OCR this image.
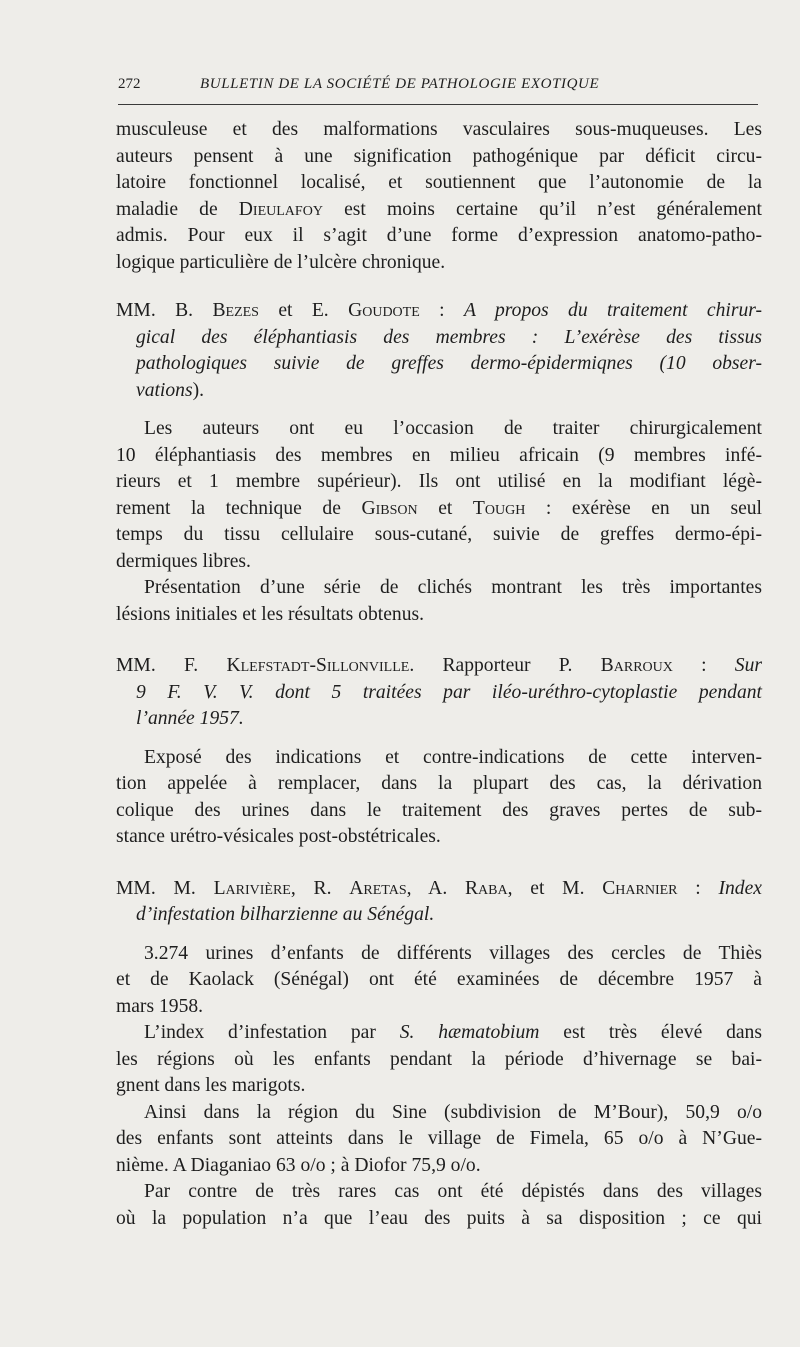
272	BULLETIN DE LA SOCIÉTÉ DE PATHOLOGIE EXOTIQUE
musculeuse et des malformations vasculaires sous-muqueuses. Les
auteurs pensent à une signification pathogénique par déficit circu-
latoire fonctionnel localisé, et soutiennent que l’autonomie de la
maladie de Dieulafoy est moins certaine qu’il n’est généralement
admis. Pour eux il s’agit d’une forme d’expression anatomo-patho-
logique particulière de l’ulcère chronique.
MM. B. Bezes et E. Goudote : A propos du traitement chirur-
gical des éléphantiasis des membres : L’exérèse des tissus
pathologiques suivie de greffes dermo-épidermiqnes (10 obser-
vations).
Les auteurs ont eu l’occasion de traiter chirurgicalement
10 éléphantiasis des membres en milieu africain (9 membres infé-
rieurs et 1 membre supérieur). Ils ont utilisé en la modifiant légè-
rement la technique de Gibson et Tough : exérèse en un seul
temps du tissu cellulaire sous-cutané, suivie de greffes dermo-épi-
dermiques libres.
Présentation d’une série de clichés montrant les très importantes
lésions initiales et les résultats obtenus.
MM. F. Klefstadt-Sillonville. Rapporteur P. Barroux : Sur
9 F. V. V. dont 5 traitées par iléo-uréthro-cytoplastie pendant
l’année 1957.
Exposé des indications et contre-indications de cette interven-
tion appelée à remplacer, dans la plupart des cas, la dérivation
colique des urines dans le traitement des graves pertes de sub-
stance urétro-vésicales post-obstétricales.
MM. M. Larivière, R. Aretas, A. Raba, et M. Charnier : Index
d’infestation bilharzienne au Sénégal.
3.274 urines d’enfants de différents villages des cercles de Thiès
et de Kaolack (Sénégal) ont été examinées de décembre 1957 à
mars 1958.
L’index d’infestation par S. hæmatobium est très élevé dans
les régions où les enfants pendant la période d’hivernage se bai-
gnent dans les marigots.
Ainsi dans la région du Sine (subdivision de M’Bour), 50,9 o/o
des enfants sont atteints dans le village de Fimela, 65 o/o à N’Gue-
nième. A Diaganiao 63 o/o ; à Diofor 75,9 o/o.
Par contre de très rares cas ont été dépistés dans des villages
où la population n’a que l’eau des puits à sa disposition ; ce qui
